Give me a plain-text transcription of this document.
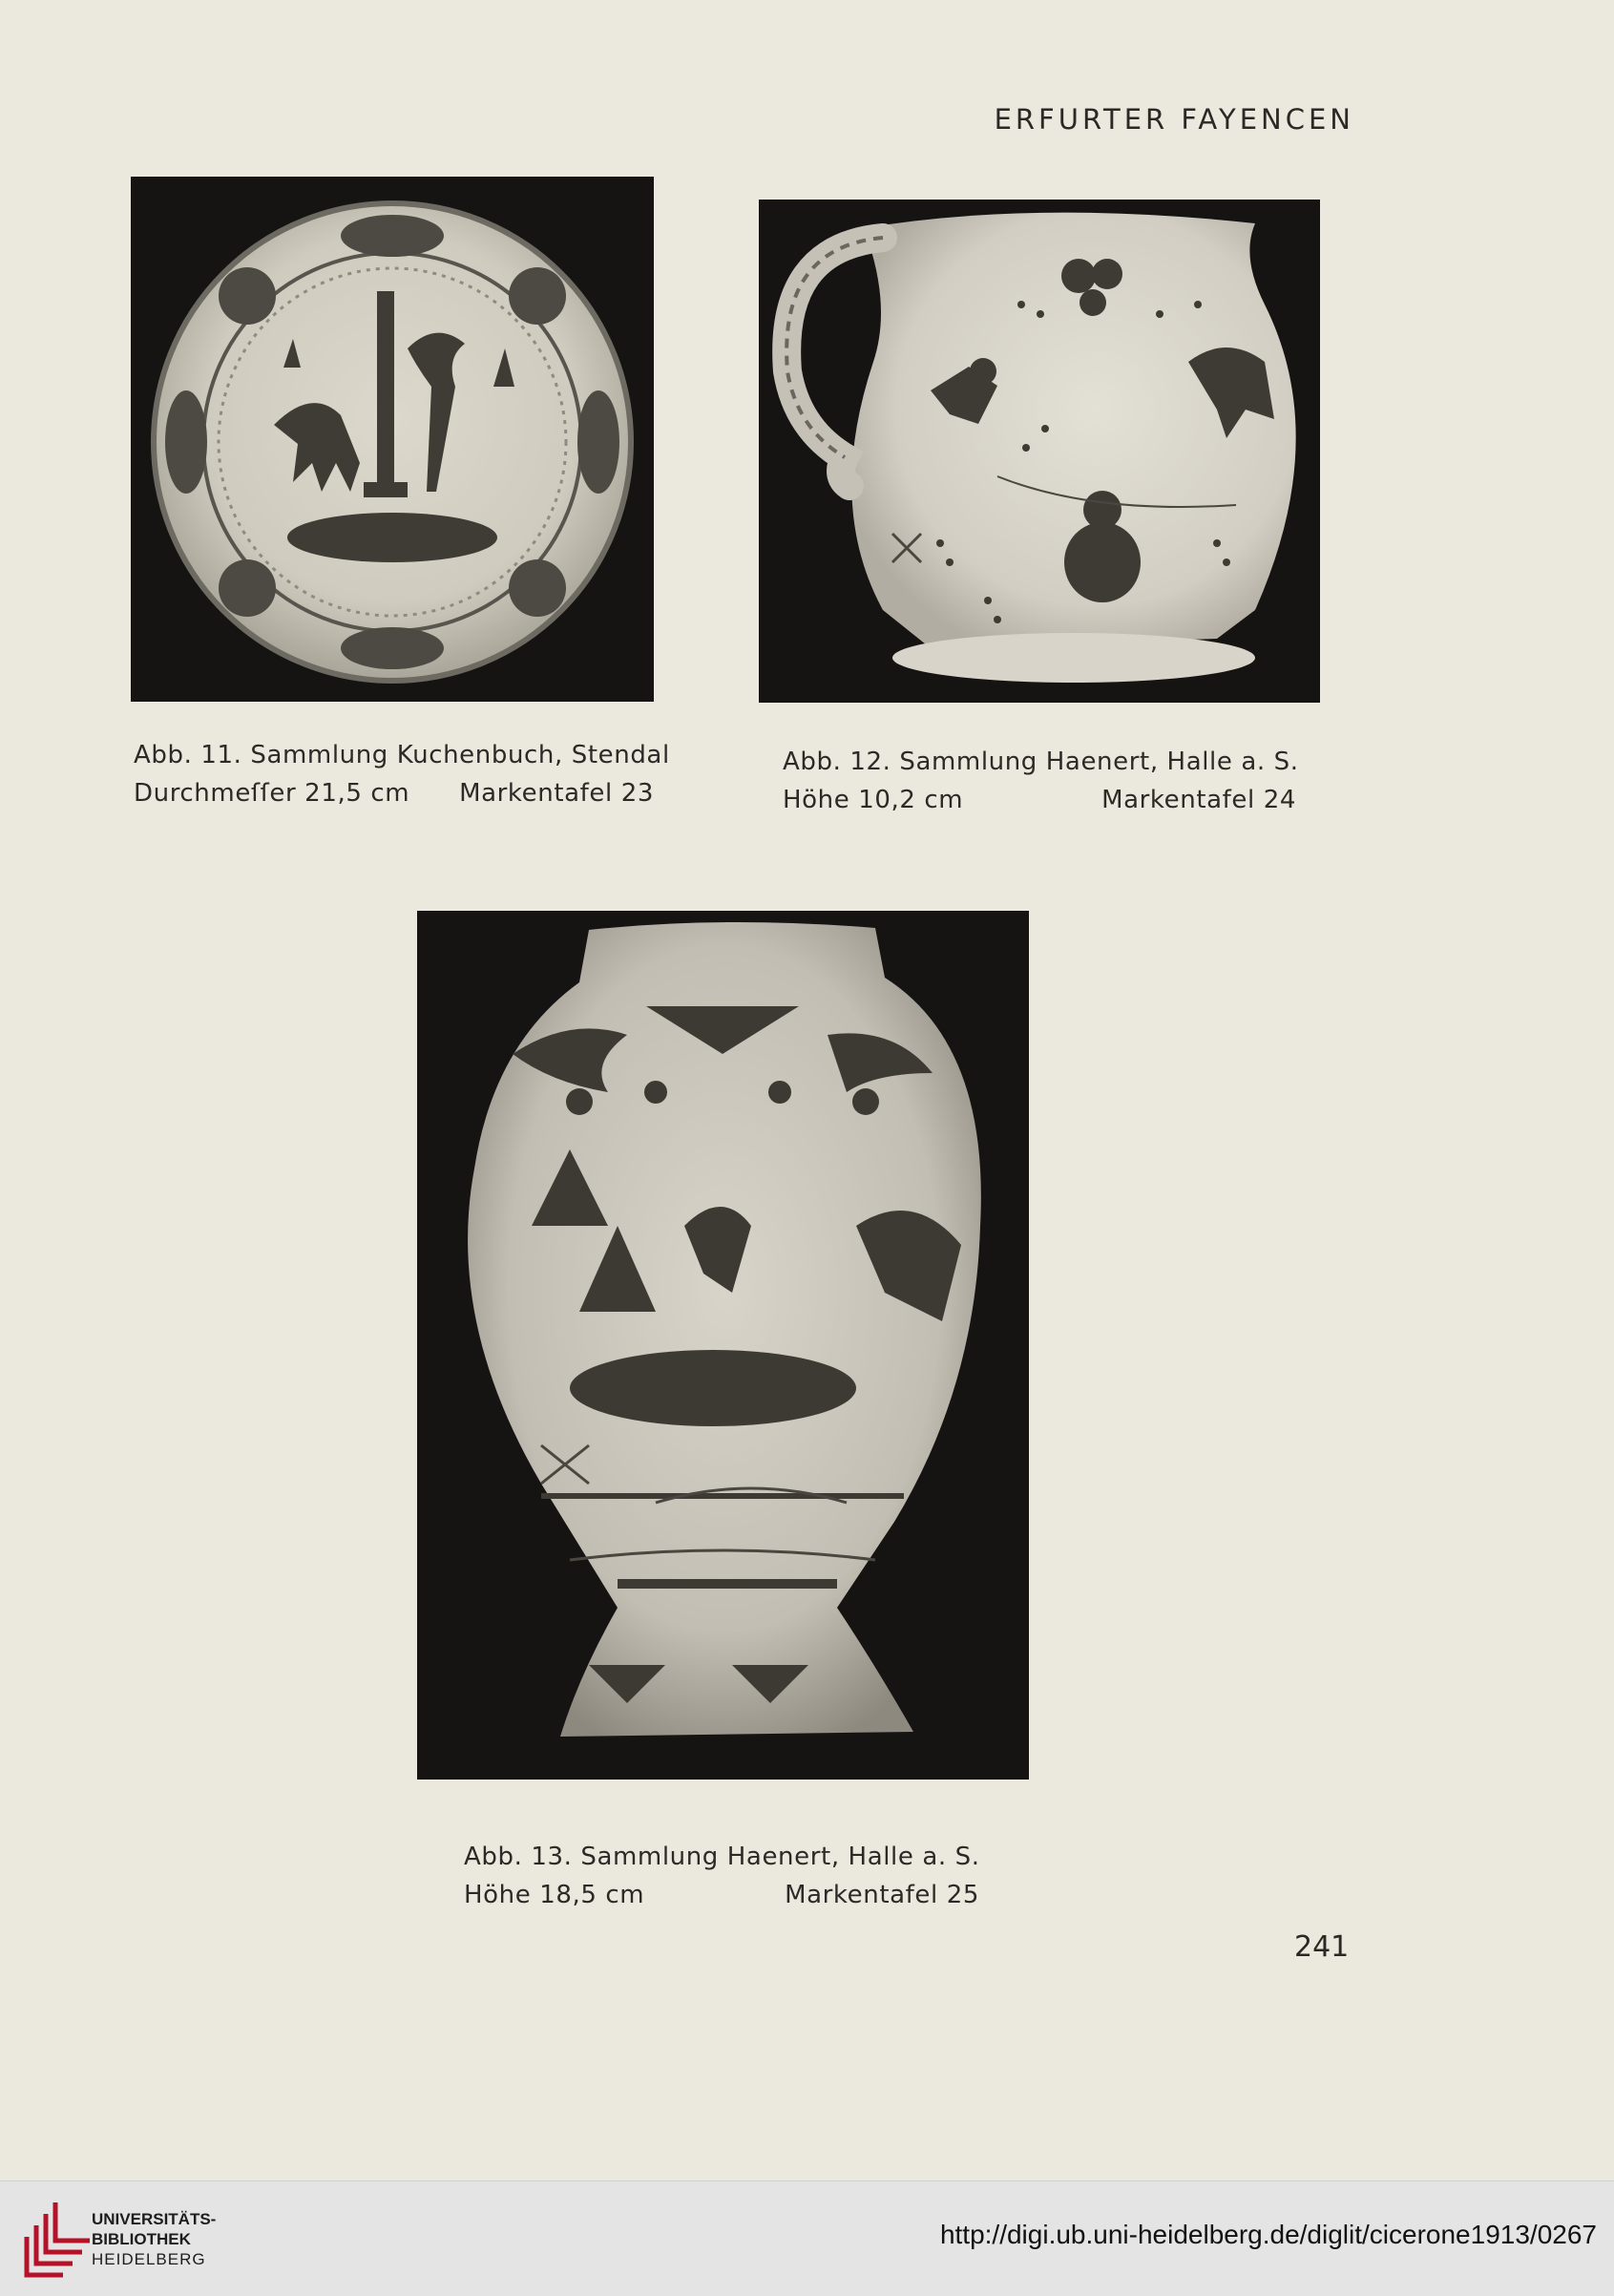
ERFURTER FAYENCEN
Abb. 11. Sammlung Kuchenbuch, Stendal
Durchmeſſer 21,5 cm Markentafel 23
Abb. 12. Sammlung Haenert, Halle a. S.
Höhe 10,2 cm	Markentafel 24
Abb. 13. Sammlung Haenert, Halle a. S.
Höhe 18,5 cm	Markentafel 25
241
UNIVERSITÄTS-
BIBLIOTHEK
HEIDELBERG
http://digi.ub.uni-heidelberg.de/diglit/cicerone1913/0267
